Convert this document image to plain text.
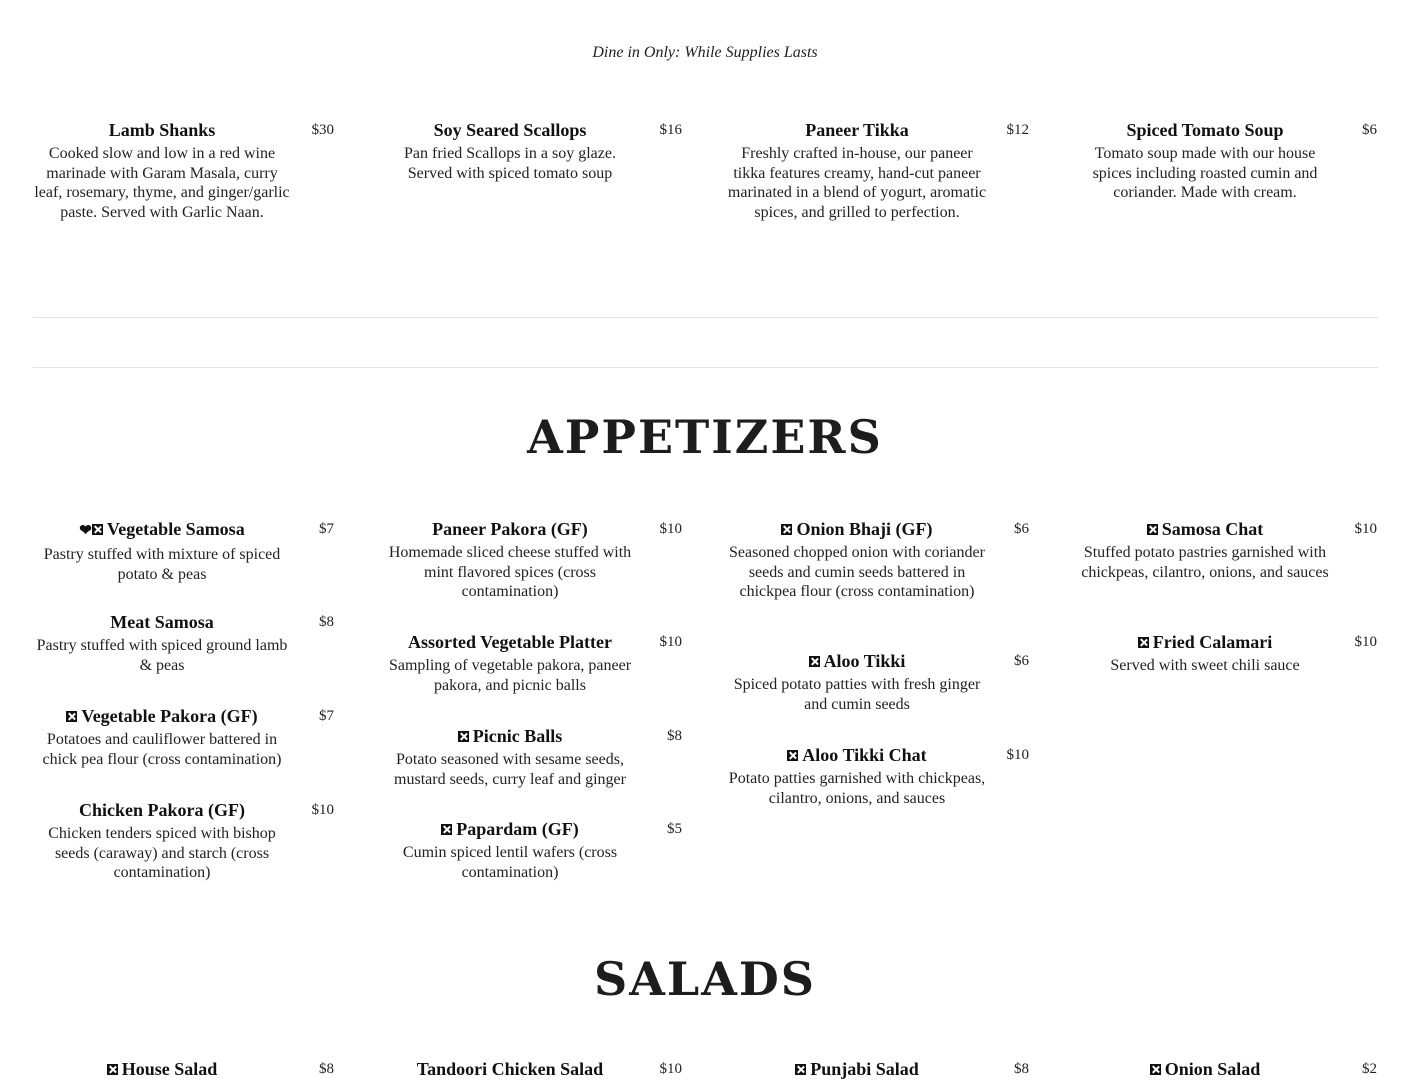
Dine in Only: While Supplies Lasts
Lamb Shanks	$30
Cooked slow and low in a red wine marinade with Garam Masala, curry leaf, rosemary, thyme, and ginger/garlic paste. Served with Garlic Naan.
Soy Seared Scallops	$16
Pan fried Scallops in a soy glaze. Served with spiced tomato soup
Paneer Tikka	$12
Freshly crafted in-house, our paneer tikka features creamy, hand-cut paneer marinated in a blend of yogurt, aromatic spices, and grilled to perfection.
Spiced Tomato Soup	$6
Tomato soup made with our house spices including roasted cumin and coriander. Made with cream.
APPETIZERS
❤ Vegetable Samosa	$7
Pastry stuffed with mixture of spiced potato & peas
Meat Samosa	$8
Pastry stuffed with spiced ground lamb & peas
Vegetable Pakora (GF)	$7
Potatoes and cauliflower battered in chick pea flour (cross contamination)
Chicken Pakora (GF)	$10
Chicken tenders spiced with bishop seeds (caraway) and starch (cross contamination)
Paneer Pakora (GF)	$10
Homemade sliced cheese stuffed with mint flavored spices (cross contamination)
Assorted Vegetable Platter	$10
Sampling of vegetable pakora, paneer pakora, and picnic balls
Picnic Balls	$8
Potato seasoned with sesame seeds, mustard seeds, curry leaf and ginger
Papardam (GF)	$5
Cumin spiced lentil wafers (cross contamination)
Onion Bhaji (GF)	$6
Seasoned chopped onion with coriander seeds and cumin seeds battered in chickpea flour (cross contamination)
Aloo Tikki	$6
Spiced potato patties with fresh ginger and cumin seeds
Aloo Tikki Chat	$10
Potato patties garnished with chickpeas, cilantro, onions, and sauces
Samosa Chat	$10
Stuffed potato pastries garnished with chickpeas, cilantro, onions, and sauces
Fried Calamari	$10
Served with sweet chili sauce
SALADS
House Salad	$8	Tandoori Chicken Salad	$10	Punjabi Salad	$8	Onion Salad	$2
